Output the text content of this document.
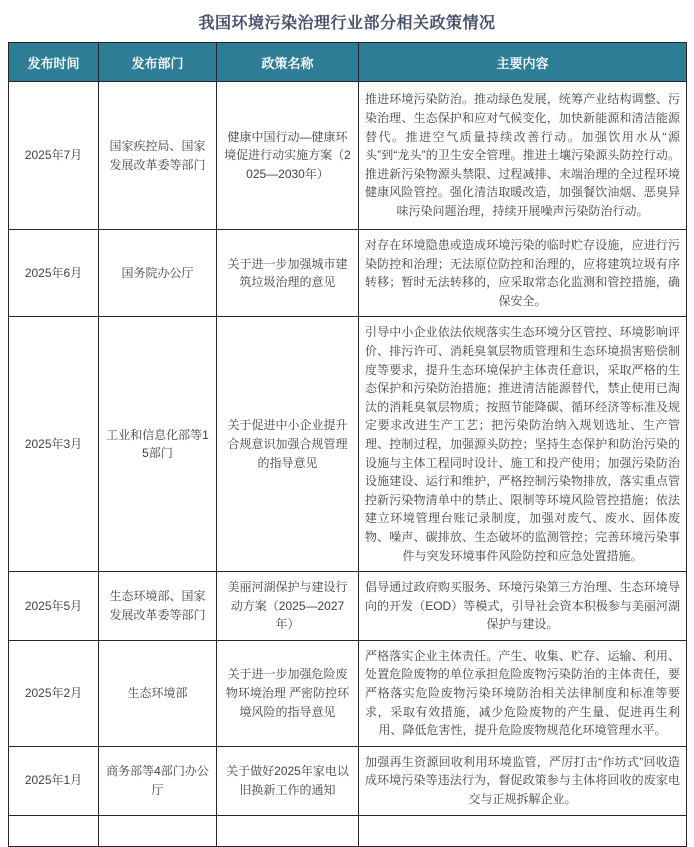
我国环境污染治理行业部分相关政策情况
发布时间	发布部门	政策名称	主要内容
2025年7月	国家疾控局、国家发展改革委等部门	健康中国行动—健康环境促进行动实施方案（2025—2030年）	推进环境污染防治。推动绿色发展，统筹产业结构调整、污染治理、生态保护和应对气候变化，加快新能源和清洁能源替代。推进空气质量持续改善行动。加强饮用水从“源头”到“龙头”的卫生安全管理。推进土壤污染源头防控行动。推进新污染物源头禁限、过程减排、末端治理的全过程环境健康风险管控。强化清洁取暖改造，加强餐饮油烟、恶臭异味污染问题治理，持续开展噪声污染防治行动。
2025年6月	国务院办公厅	关于进一步加强城市建筑垃圾治理的意见	对存在环境隐患或造成环境污染的临时贮存设施，应进行污染防控和治理；无法原位防控和治理的，应将建筑垃圾有序转移；暂时无法转移的，应采取常态化监测和管控措施，确保安全。
2025年3月	工业和信息化部等15部门	关于促进中小企业提升合规意识加强合规管理的指导意见	引导中小企业依法依规落实生态环境分区管控、环境影响评价、排污许可、消耗臭氧层物质管理和生态环境损害赔偿制度等要求，提升生态环境保护主体责任意识，采取严格的生态保护和污染防治措施；推进清洁能源替代，禁止使用已淘汰的消耗臭氧层物质；按照节能降碳、循环经济等标准及规定要求改进生产工艺；把污染防治纳入规划选址、生产管理、控制过程，加强源头防控；坚持生态保护和防治污染的设施与主体工程同时设计、施工和投产使用；加强污染防治设施建设、运行和维护，严格控制污染物排放，落实重点管控新污染物清单中的禁止、限制等环境风险管控措施；依法建立环境管理台账记录制度，加强对废气、废水、固体废物、噪声、碳排放、生态破坏的监测管控；完善环境污染事件与突发环境事件风险防控和应急处置措施。
2025年5月	生态环境部、国家发展改革委等部门	美丽河湖保护与建设行动方案（2025—2027年）	倡导通过政府购买服务、环境污染第三方治理、生态环境导向的开发（EOD）等模式，引导社会资本积极参与美丽河湖保护与建设。
2025年2月	生态环境部	关于进一步加强危险废物环境治理 严密防控环境风险的指导意见	严格落实企业主体责任。产生、收集、贮存、运输、利用、处置危险废物的单位承担危险废物污染防治的主体责任，要严格落实危险废物污染环境防治相关法律制度和标准等要求，采取有效措施，减少危险废物的产生量、促进再生利用、降低危害性，提升危险废物规范化环境管理水平。
2025年1月	商务部等4部门办公厅	关于做好2025年家电以旧换新工作的通知	加强再生资源回收利用环境监管，严厉打击“作坊式”回收造成环境污染等违法行为，督促政策参与主体将回收的废家电交与正规拆解企业。
